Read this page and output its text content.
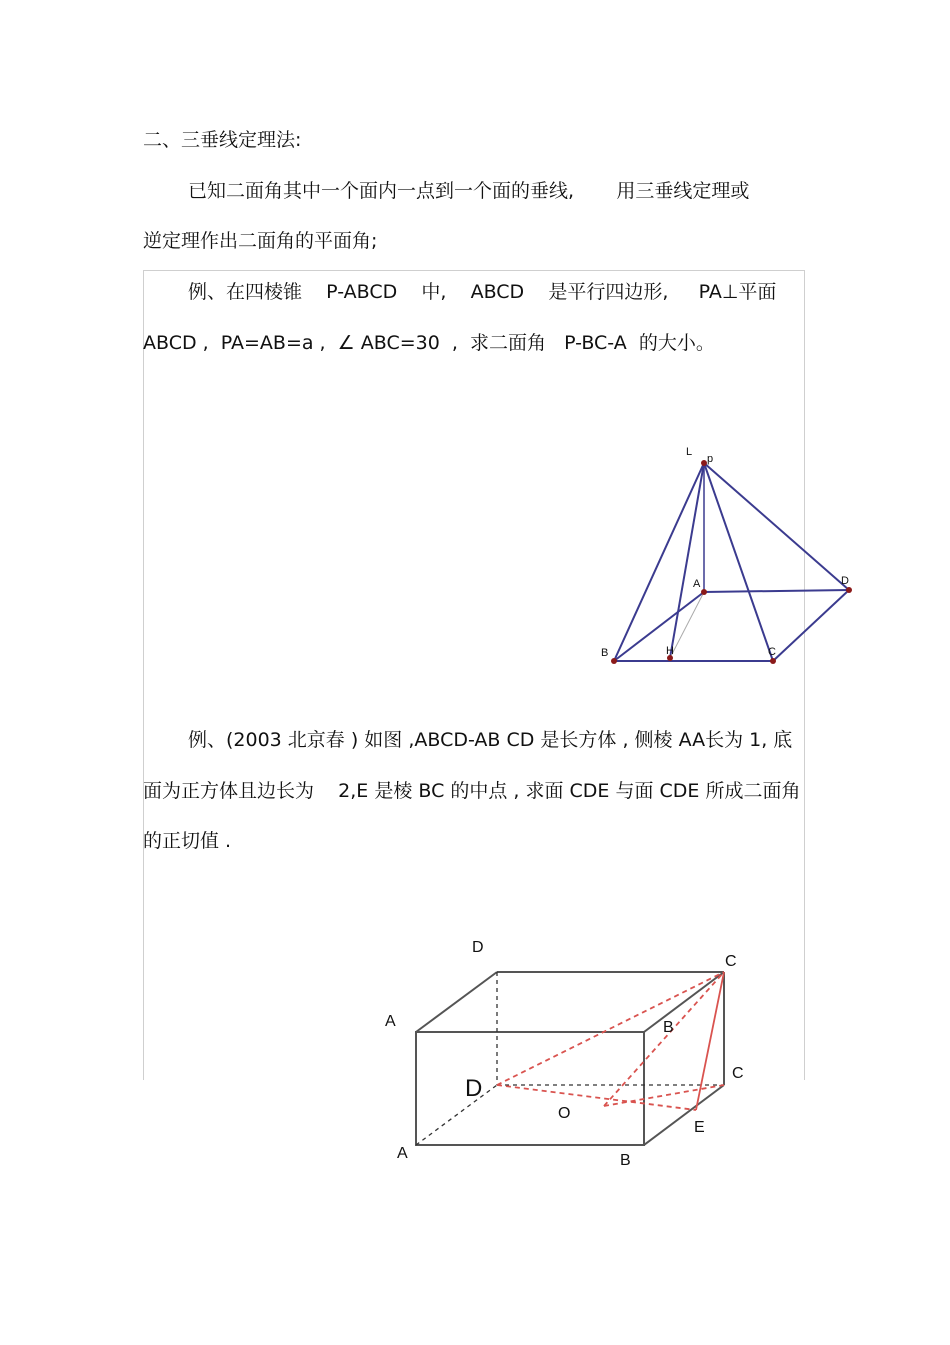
二、三垂线定理法:
已知二面角其中一个面内一点到一个面的垂线,       用三垂线定理或
逆定理作出二面角的平面角;
例、在四棱锥    P-ABCD    中,    ABCD    是平行四边形,     PA⊥平面
ABCD ,  PA=AB=a ,  ∠ ABC=30  ,  求二面角   P-BC-A  的大小。
例、(2003 北京春 ) 如图 ,ABCD-AB CD 是长方体 , 侧棱 AA长为 1, 底
面为正方体且边长为    2,E 是棱 BC 的中点 , 求面 CDE 与面 CDE 所成二面角
的正切值 .
L
p
A	D
B	H	C
D
C
A	B
D
C
O
E
A	B
